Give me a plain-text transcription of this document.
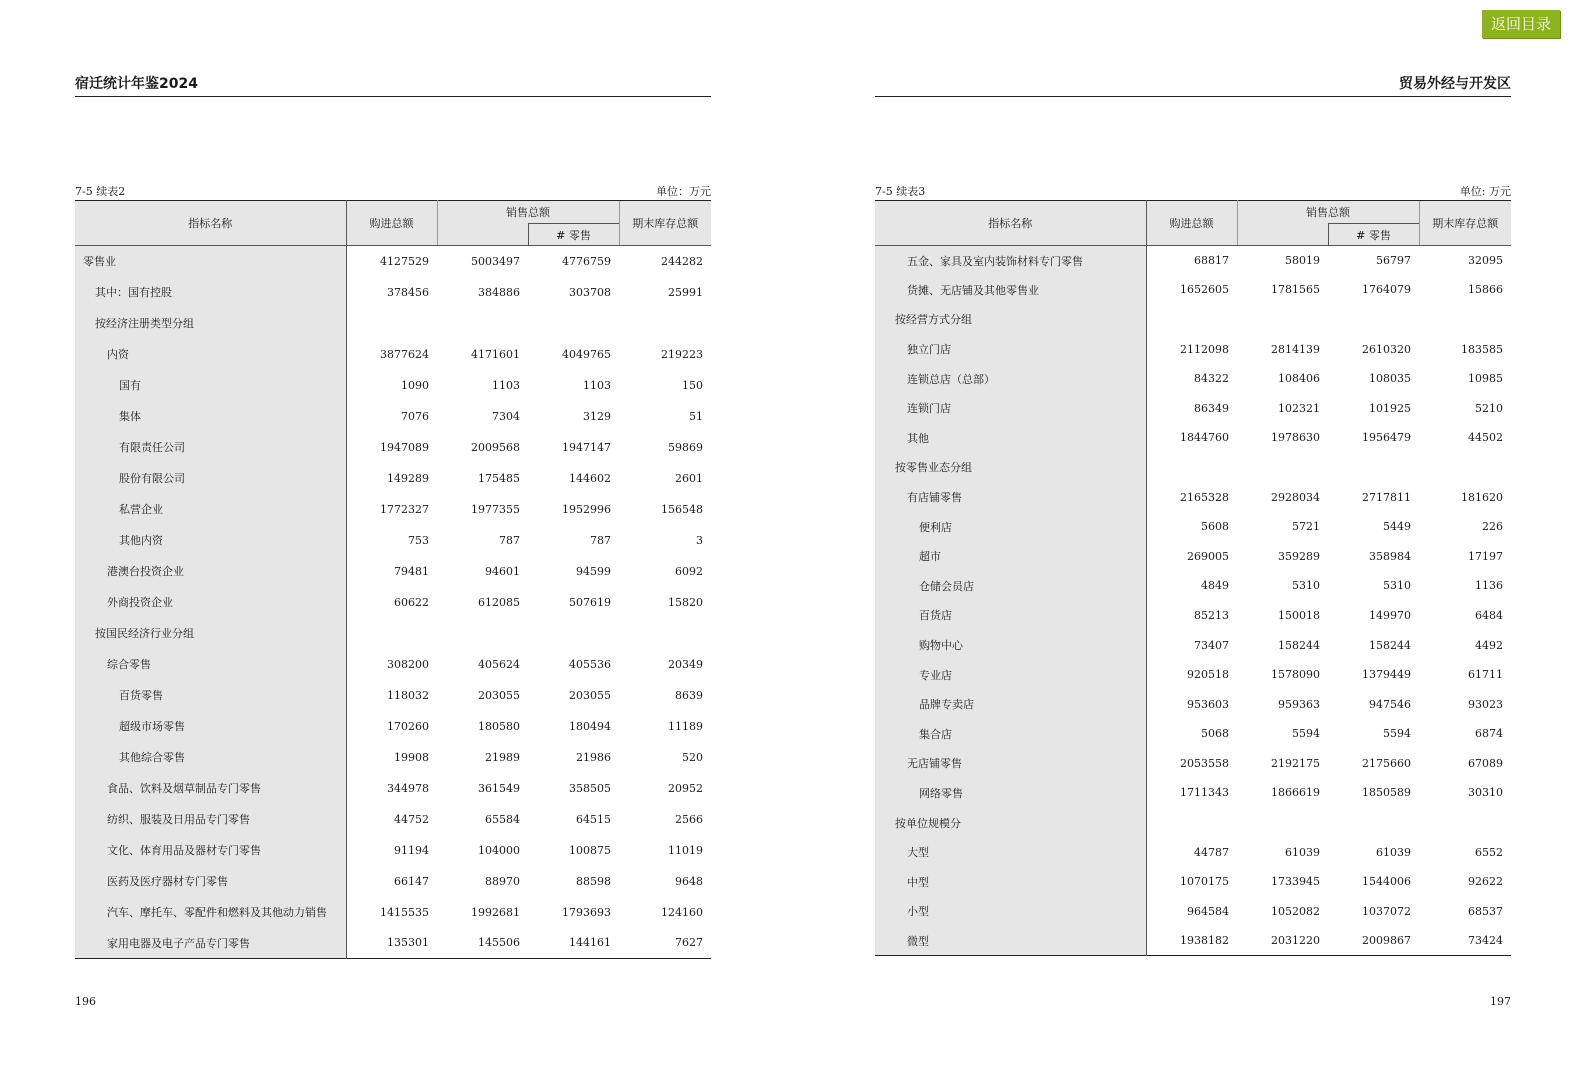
返回目录
宿迁统计年鉴2024
7-5 续表2	单位：万元
指标名称	购进总额	销售总额		期末库存总额
			# 零售	
零售业	4127529	5003497	4776759	244282
其中：国有控股	378456	384886	303708	25991
按经济注册类型分组				
内资	3877624	4171601	4049765	219223
国有	1090	1103	1103	150
集体	7076	7304	3129	51
有限责任公司	1947089	2009568	1947147	59869
股份有限公司	149289	175485	144602	2601
私营企业	1772327	1977355	1952996	156548
其他内资	753	787	787	3
港澳台投资企业	79481	94601	94599	6092
外商投资企业	60622	612085	507619	15820
按国民经济行业分组				
综合零售	308200	405624	405536	20349
百货零售	118032	203055	203055	8639
超级市场零售	170260	180580	180494	11189
其他综合零售	19908	21989	21986	520
食品、饮料及烟草制品专门零售	344978	361549	358505	20952
纺织、服装及日用品专门零售	44752	65584	64515	2566
文化、体育用品及器材专门零售	91194	104000	100875	11019
医药及医疗器材专门零售	66147	88970	88598	9648
汽车、摩托车、零配件和燃料及其他动力销售	1415535	1992681	1793693	124160
家用电器及电子产品专门零售	135301	145506	144161	7627
196
贸易外经与开发区
7-5 续表3	单位: 万元
指标名称	购进总额	销售总额		期末库存总额
			# 零售	
五金、家具及室内装饰材料专门零售	68817	58019	56797	32095
货摊、无店铺及其他零售业	1652605	1781565	1764079	15866
按经营方式分组				
独立门店	2112098	2814139	2610320	183585
连锁总店（总部）	84322	108406	108035	10985
连锁门店	86349	102321	101925	5210
其他	1844760	1978630	1956479	44502
按零售业态分组				
有店铺零售	2165328	2928034	2717811	181620
便利店	5608	5721	5449	226
超市	269005	359289	358984	17197
仓储会员店	4849	5310	5310	1136
百货店	85213	150018	149970	6484
购物中心	73407	158244	158244	4492
专业店	920518	1578090	1379449	61711
品牌专卖店	953603	959363	947546	93023
集合店	5068	5594	5594	6874
无店铺零售	2053558	2192175	2175660	67089
网络零售	1711343	1866619	1850589	30310
按单位规模分				
大型	44787	61039	61039	6552
中型	1070175	1733945	1544006	92622
小型	964584	1052082	1037072	68537
微型	1938182	2031220	2009867	73424
197
